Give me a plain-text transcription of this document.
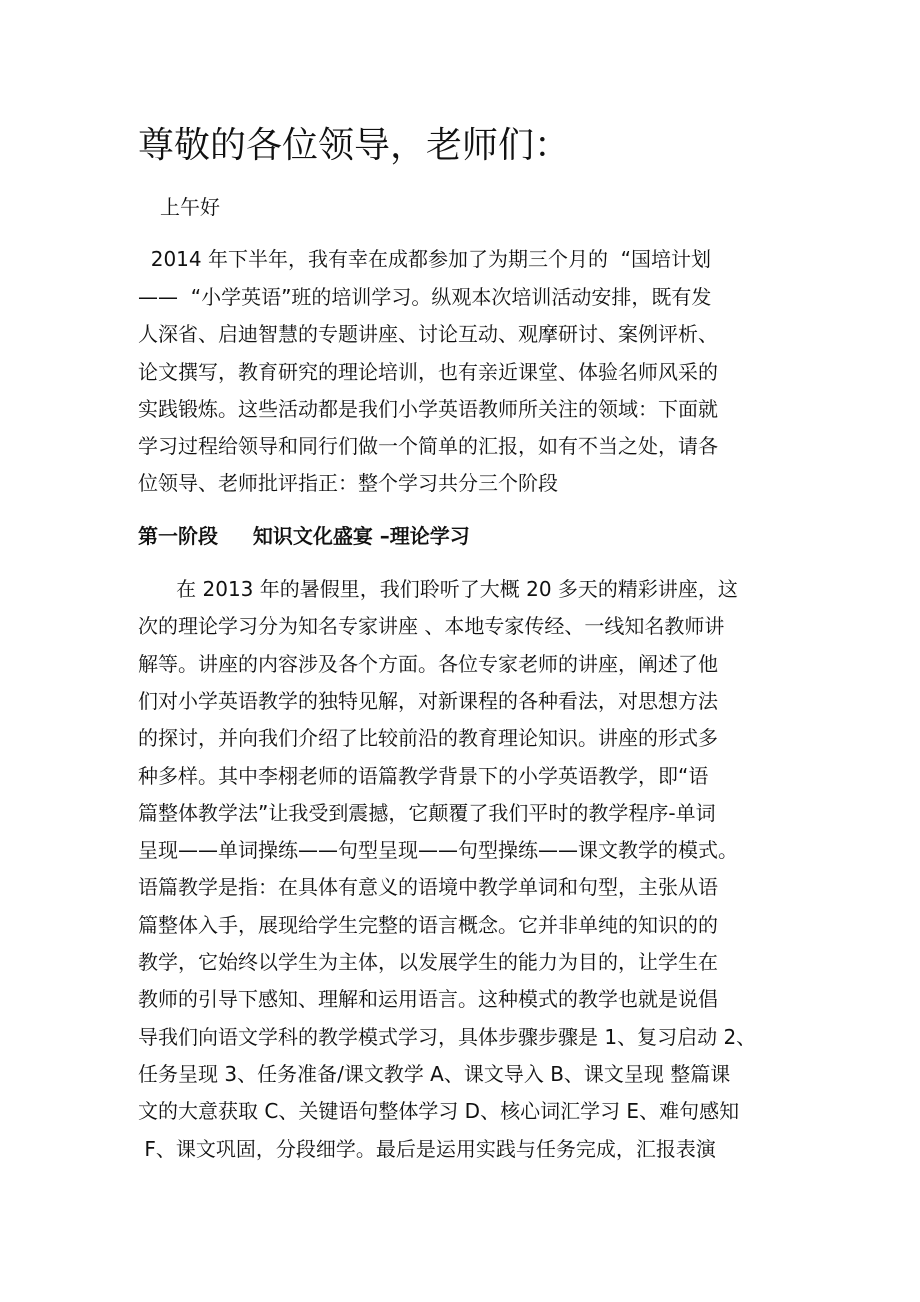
尊敬的各位领导，老师们：

上午好

2014 年下半年，我有幸在成都参加了为期三个月的  “国培计划

——  “小学英语”班的培训学习。纵观本次培训活动安排，既有发

人深省、启迪智慧的专题讲座、讨论互动、观摩研讨、案例评析、

论文撰写，教育研究的理论培训，也有亲近课堂、体验名师风采的

实践锻炼。这些活动都是我们小学英语教师所关注的领域：下面就

学习过程给领导和同行们做一个简单的汇报，如有不当之处，请各

位领导、老师批评指正：整个学习共分三个阶段

第一阶段     知识文化盛宴 –理论学习

在 2013 年的暑假里，我们聆听了大概 20 多天的精彩讲座，这

次的理论学习分为知名专家讲座 、本地专家传经、一线知名教师讲

解等。讲座的内容涉及各个方面。各位专家老师的讲座，阐述了他

们对小学英语教学的独特见解，对新课程的各种看法，对思想方法

的探讨，并向我们介绍了比较前沿的教育理论知识。讲座的形式多

种多样。其中李栩老师的语篇教学背景下的小学英语教学，即“语

篇整体教学法”让我受到震撼，它颠覆了我们平时的教学程序-单词

呈现——单词操练——句型呈现——句型操练——课文教学的模式。

语篇教学是指：在具体有意义的语境中教学单词和句型，主张从语

篇整体入手，展现给学生完整的语言概念。它并非单纯的知识的的

教学，它始终以学生为主体，以发展学生的能力为目的，让学生在

教师的引导下感知、理解和运用语言。这种模式的教学也就是说倡

导我们向语文学科的教学模式学习，具体步骤步骤是 1、复习启动 2、

任务呈现 3、任务准备/课文教学 A、课文导入 B、课文呈现 整篇课

文的大意获取 C、关键语句整体学习 D、核心词汇学习 E、难句感知

F、课文巩固，分段细学。最后是运用实践与任务完成，汇报表演
